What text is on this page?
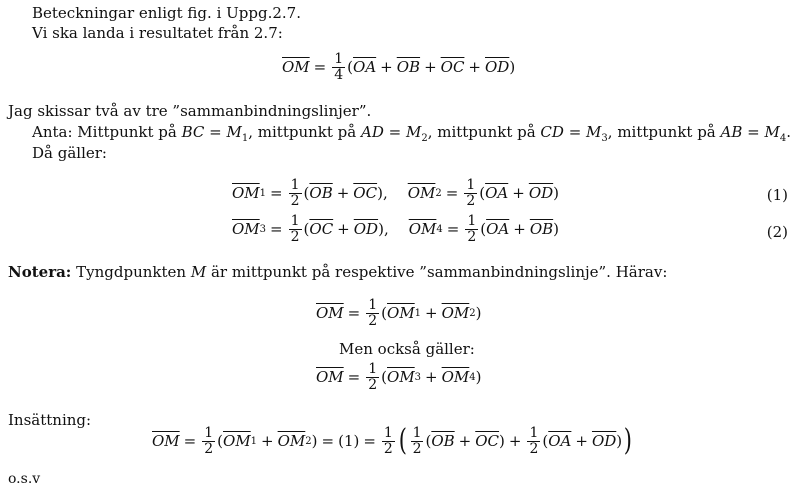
Beteckningar enligt fig. i Uppg.2.7.
Vi ska landa i resultatet från 2.7:
$\overline{OM} = \frac{1}{4}$ ( $\overline{OA} + \overline{OB} + \overline{OC} + \overline{OD}$ )
Jag skissar två av tre ”sammanbindningslinjer”.
Anta: Mittpunkt på BC = $M_1$, mittpunkt på AD = $M_2$, mittpunkt på CD = $M_3$, mittpunkt på AB = $M_4$.
Då gäller:
$\overline{OM}$ $1 = \frac{1}{2}$ ( $\overline{OB} + \overline{OC}$ ) , $\overline{OM}$ $2 = \frac{1}{2}$ ( $\overline{OA} + \overline{OD}$ )	(1)
$\overline{OM}$ $3 = \frac{1}{2}$ ( $\overline{OC} + \overline{OD}$ ) , $\overline{OM}$ $4 = \frac{1}{2}$ ( $\overline{OA} + \overline{OB}$ )	(2)
Notera: Tyngdpunkten M är mittpunkt på respektive ”sammanbindningslinje”. Härav:
$\overline{OM} = \frac{1}{2}$ ( $\overline{OM}$ $1 + \overline{OM}$ 2 )
Men också gäller:
$\overline{OM} = \frac{1}{2}$ ( $\overline{OM}$ $3 + \overline{OM}$ 4 )
Insättning:
$\overline{OM} = \frac{1}{2}$ ( $\overline{OM}$ $1 + \overline{OM}$ 2 ) = $(1) = \frac{1}{2}$ ( $\frac{1}{2}$ ( $\overline{OB} + \overline{OC}$ ) + $\frac{1}{2}$ ( $\overline{OA} + \overline{OD}$ ) )
o.s.v
